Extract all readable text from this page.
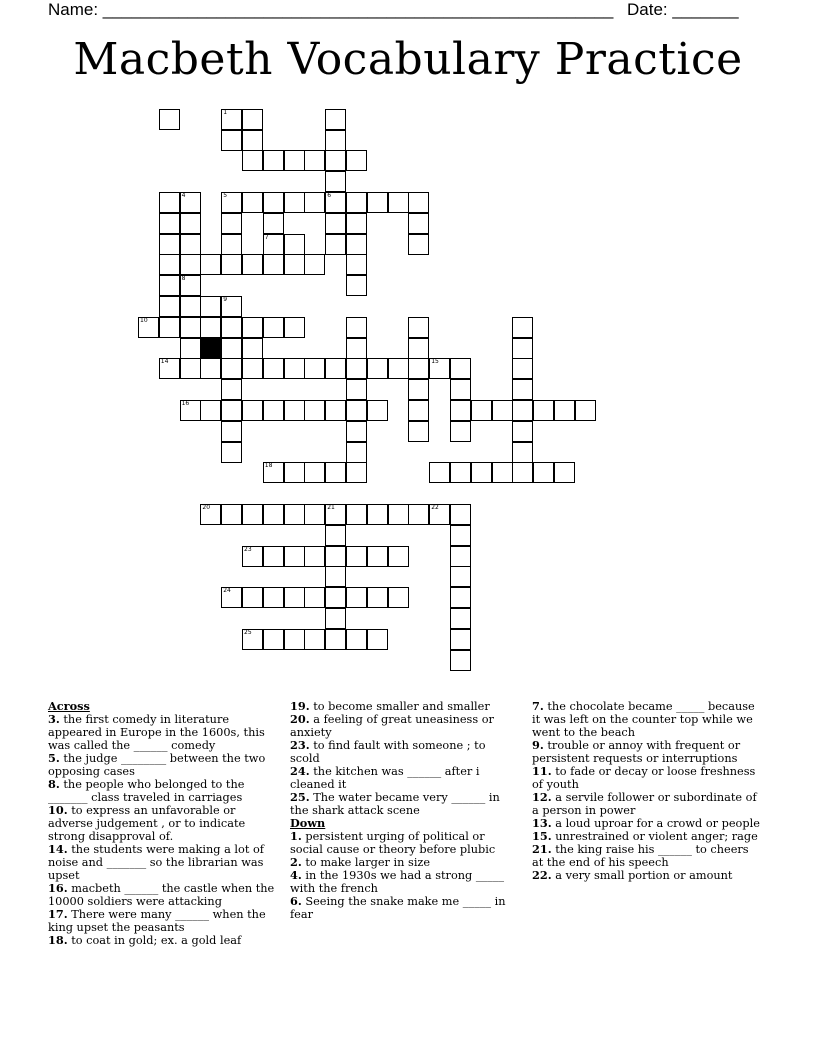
Name: ______________________________________________________ Date: _______
Macbeth Vocabulary Practice
1
4	5	6
7
8
9
10
14	15
16
18
20	21	22
23
24
25
Across
3. the first comedy in literature appeared in Europe in the 1600s, this was called the ______ comedy
5. the judge ________ between the two opposing cases
8. the people who belonged to the _______ class traveled in carriages
10. to express an unfavorable or adverse judgement , or to indicate strong disapproval of.
14. the students were making a lot of noise and _______ so the librarian was upset
16. macbeth ______ the castle when the 10000 soldiers were attacking
17. There were many ______ when the king upset the peasants
18. to coat in gold; ex. a gold leaf
19. to become smaller and smaller
20. a feeling of great uneasiness or anxiety
23. to find fault with someone ; to scold
24. the kitchen was ______ after i cleaned it
25. The water became very ______ in the shark attack scene
Down
1. persistent urging of political or social cause or theory before plubic
2. to make larger in size
4. in the 1930s we had a strong _____ with the french
6. Seeing the snake make me _____ in fear
7. the chocolate became _____ because it was left on the counter top while we went to the beach
9. trouble or annoy with frequent or persistent requests or interruptions
11. to fade or decay or loose freshness of youth
12. a servile follower or subordinate of a person in power
13. a loud uproar for a crowd or people
15. unrestrained or violent anger; rage
21. the king raise his ______ to cheers at the end of his speech
22. a very small portion or amount
